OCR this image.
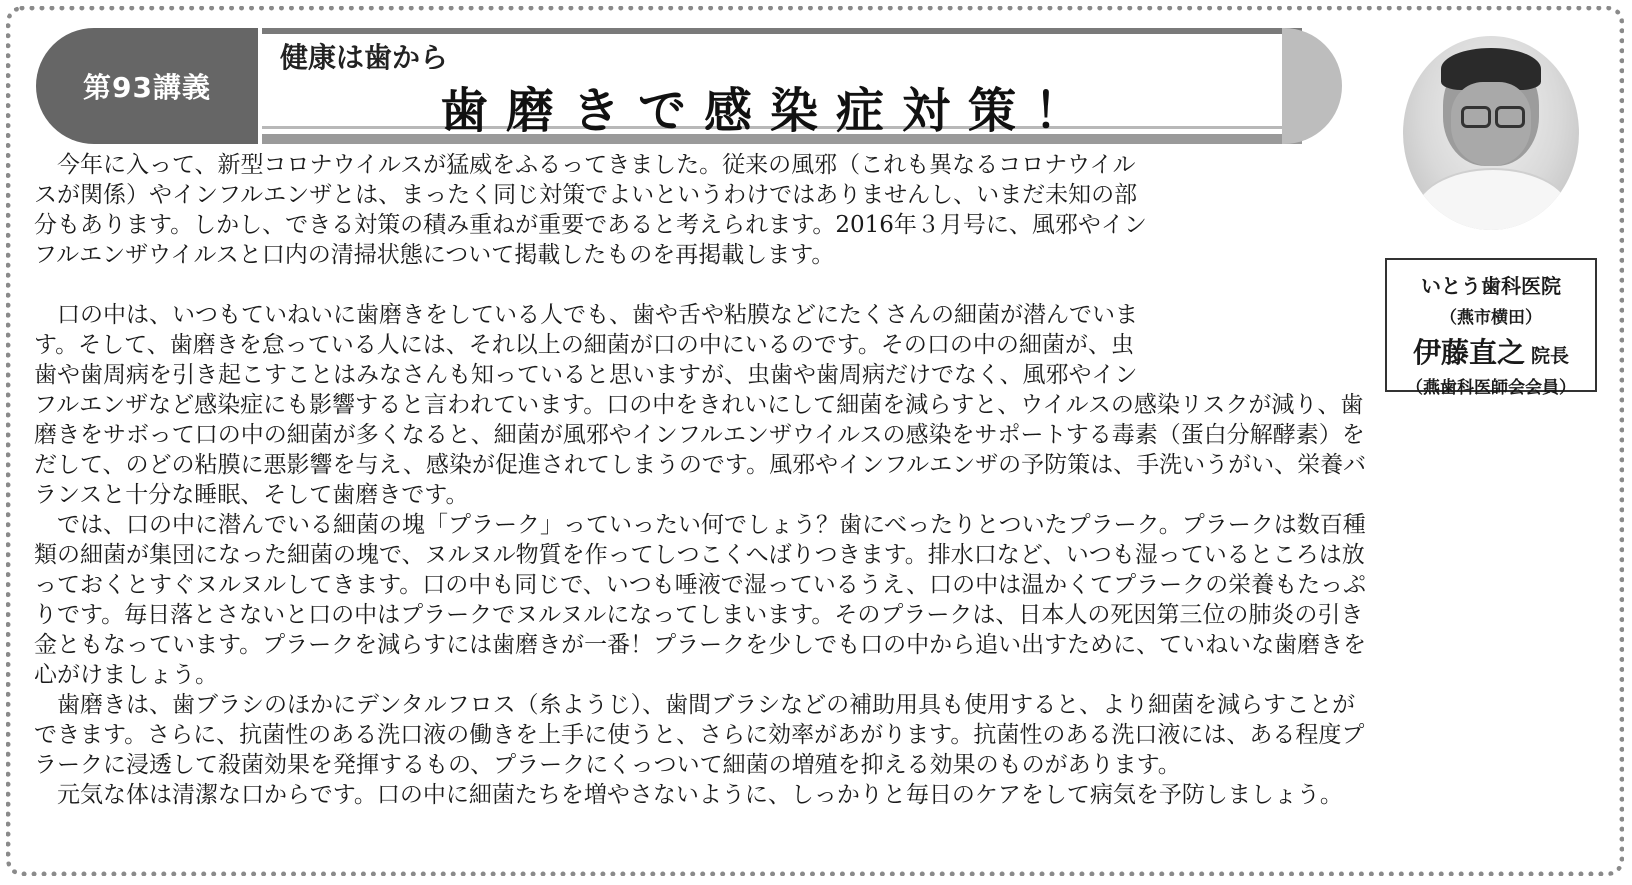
第93講義
健康は歯から
歯磨きで感染症対策！
いとう歯科医院
（燕市横田）
伊藤直之 院長
（燕歯科医師会会員）
　今年に入って、新型コロナウイルスが猛威をふるってきました。従来の風邪（これも異なるコロナウイル
スが関係）やインフルエンザとは、まったく同じ対策でよいというわけではありませんし、いまだ未知の部
分もあります。しかし、できる対策の積み重ねが重要であると考えられます。2016年３月号に、風邪やイン
フルエンザウイルスと口内の清掃状態について掲載したものを再掲載します。
　口の中は、いつもていねいに歯磨きをしている人でも、歯や舌や粘膜などにたくさんの細菌が潜んでいま
す。そして、歯磨きを怠っている人には、それ以上の細菌が口の中にいるのです。その口の中の細菌が、虫
歯や歯周病を引き起こすことはみなさんも知っていると思いますが、虫歯や歯周病だけでなく、風邪やイン
フルエンザなど感染症にも影響すると言われています。口の中をきれいにして細菌を減らすと、ウイルスの感染リスクが減り、歯
磨きをサボって口の中の細菌が多くなると、細菌が風邪やインフルエンザウイルスの感染をサポートする毒素（蛋白分解酵素）を
だして、のどの粘膜に悪影響を与え、感染が促進されてしまうのです。風邪やインフルエンザの予防策は、手洗いうがい、栄養バ
ランスと十分な睡眠、そして歯磨きです。
　では、口の中に潜んでいる細菌の塊「プラーク」っていったい何でしょう？歯にべったりとついたプラーク。プラークは数百種
類の細菌が集団になった細菌の塊で、ヌルヌル物質を作ってしつこくへばりつきます。排水口など、いつも湿っているところは放
っておくとすぐヌルヌルしてきます。口の中も同じで、いつも唾液で湿っているうえ、口の中は温かくてプラークの栄養もたっぷ
りです。毎日落とさないと口の中はプラークでヌルヌルになってしまいます。そのプラークは、日本人の死因第三位の肺炎の引き
金ともなっています。プラークを減らすには歯磨きが一番！プラークを少しでも口の中から追い出すために、ていねいな歯磨きを
心がけましょう。
　歯磨きは、歯ブラシのほかにデンタルフロス（糸ようじ）、歯間ブラシなどの補助用具も使用すると、より細菌を減らすことが
できます。さらに、抗菌性のある洗口液の働きを上手に使うと、さらに効率があがります。抗菌性のある洗口液には、ある程度プ
ラークに浸透して殺菌効果を発揮するもの、プラークにくっついて細菌の増殖を抑える効果のものがあります。
　元気な体は清潔な口からです。口の中に細菌たちを増やさないように、しっかりと毎日のケアをして病気を予防しましょう。
